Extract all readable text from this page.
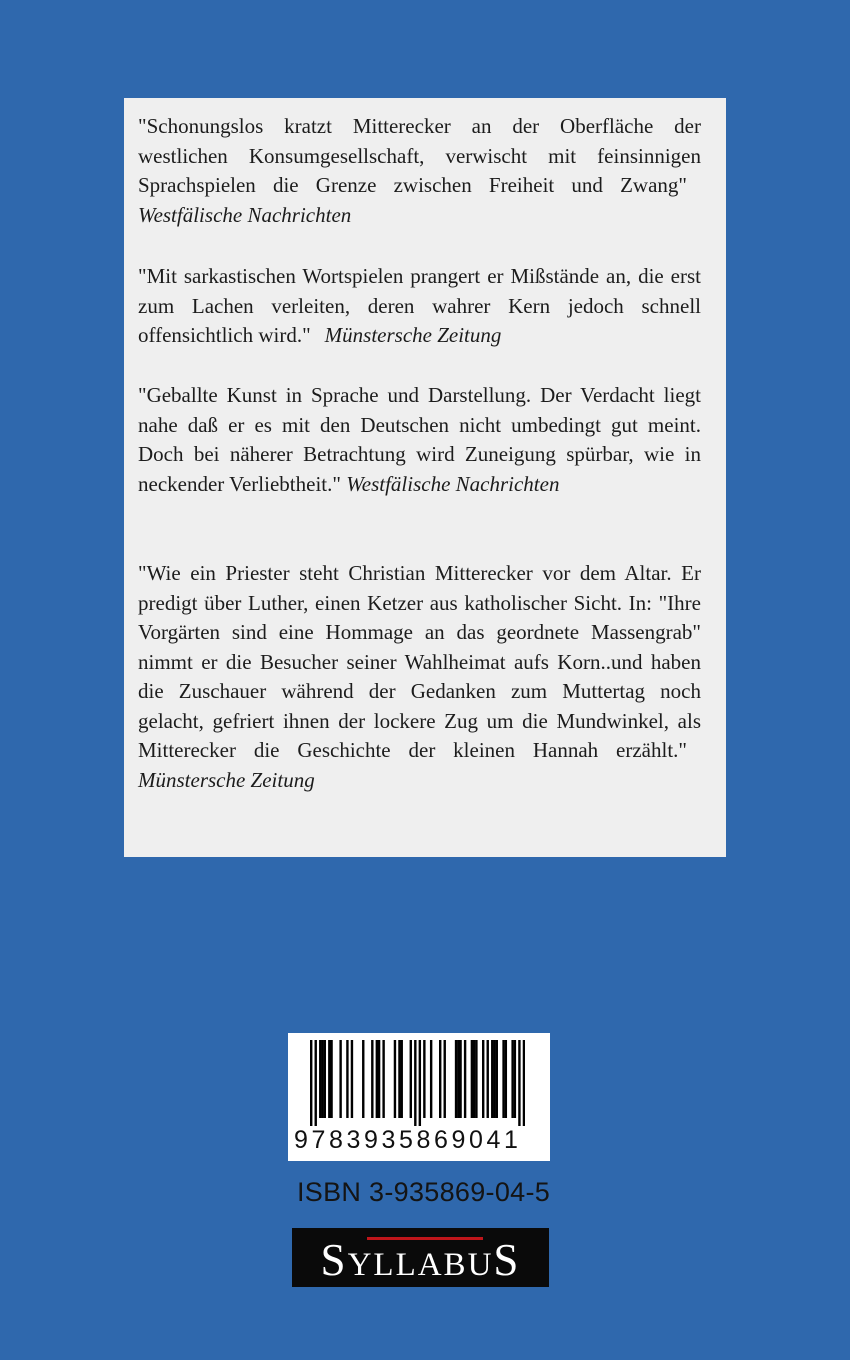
"Schonungslos kratzt Mitterecker an der Oberfläche der westlichen Konsumgesellschaft, verwischt mit feinsinnigen Sprachspielen die Grenze zwischen Freiheit und Zwang"Westfälische Nachrichten

"Mit sarkastischen Wortspielen prangert er Mißstände an, die erst zum Lachen verleiten, deren wahrer Kern jedoch schnell offensichtlich wird." Münstersche Zeitung

"Geballte Kunst in Sprache und Darstellung. Der Verdacht liegt nahe daß er es mit den Deutschen nicht umbedingt gut meint. Doch bei näherer Betrachtung wird Zuneigung spürbar, wie in neckender Verliebtheit." Westfälische Nachrichten

"Wie ein Priester steht Christian Mitterecker vor dem Altar. Er predigt über Luther, einen Ketzer aus katholischer Sicht. In: "Ihre Vorgärten sind eine Hommage an das geordnete Massengrab" nimmt er die Besucher seiner Wahlheimat aufs Korn..und haben die Zuschauer während der Gedanken zum Muttertag noch gelacht, gefriert ihnen der lockere Zug um die Mundwinkel, als Mitterecker die Geschichte der kleinen Hannah erzählt."Münstersche Zeitung

9783935869041
ISBN 3-935869-04-5
SYLLABUS
